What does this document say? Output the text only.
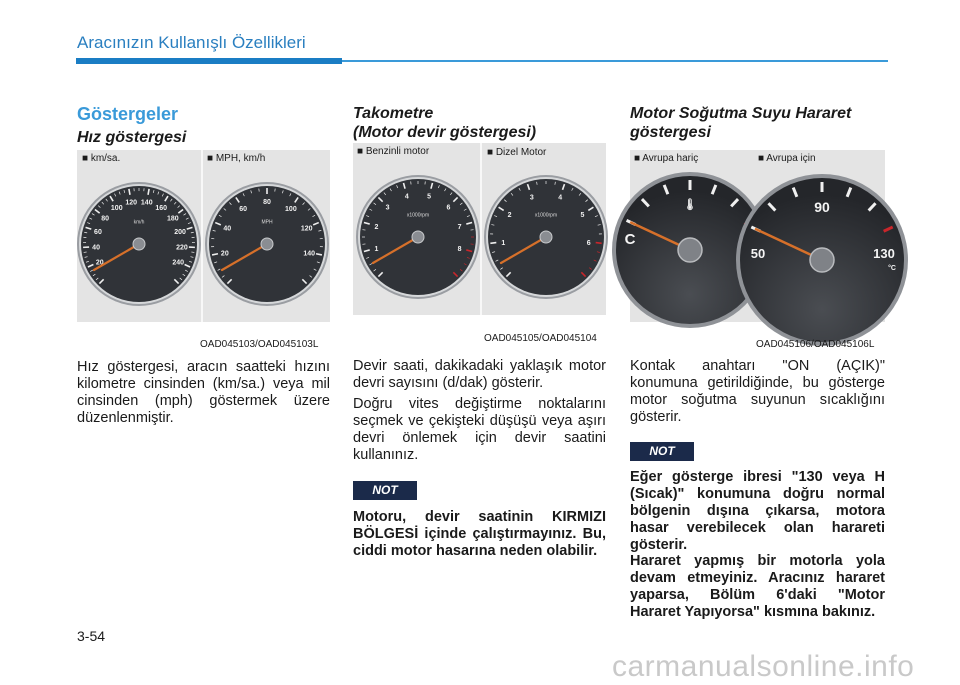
Aracınızın Kullanışlı Özellikleri
Göstergeler
Hız göstergesi
20
40
60
80
100
120 140
160
180
200
220
240
km/h
20
40
60
80
100
120
140
MPH
■ km/sa.	■ MPH, km/h
OAD045103/OAD045103L
Hız göstergesi, aracın saatteki hızını kilometre cinsinden (km/sa.) veya mil cinsinden (mph) göstermek üzere düzenlenmiştir.
Takometre
(Motor devir göstergesi)
1
2
3
4	5
6
7
8
x1000rpm
1
2
3	4
5
6
x1000rpm
■ Benzinli motor	■ Dizel Motor
OAD045105/OAD045104
Devir saati, dakikadaki yaklaşık motor devri sayısını (d/dak) gösterir.
Doğru vites değiştirme noktalarını seçmek ve çekişteki düşüşü veya aşırı devri önlemek için devir saatini kullanınız.
NOT
Motoru, devir saatinin KIRMIZI BÖLGESİ içinde çalıştırmayınız. Bu, ciddi motor hasarına neden olabilir.
Motor Soğutma Suyu Hararet
göstergesi
C
🌡
50
90
130
°C
■ Avrupa hariç	■ Avrupa için
OAD045106/OAD045106L
Kontak anahtarı "ON (AÇIK)" konumuna getirildiğinde, bu gösterge motor soğutma suyunun sıcaklığını gösterir.
NOT
Eğer gösterge ibresi "130 veya H (Sıcak)" konumuna doğru normal bölgenin dışına çıkarsa, motora hasar verebilecek olan harareti gösterir.
Hararet yapmış bir motorla yola devam etmeyiniz. Aracınız hararet yaparsa, Bölüm 6'daki "Motor Hararet Yapıyorsa" kısmına bakınız.
3-54
carmanualsonline.info
